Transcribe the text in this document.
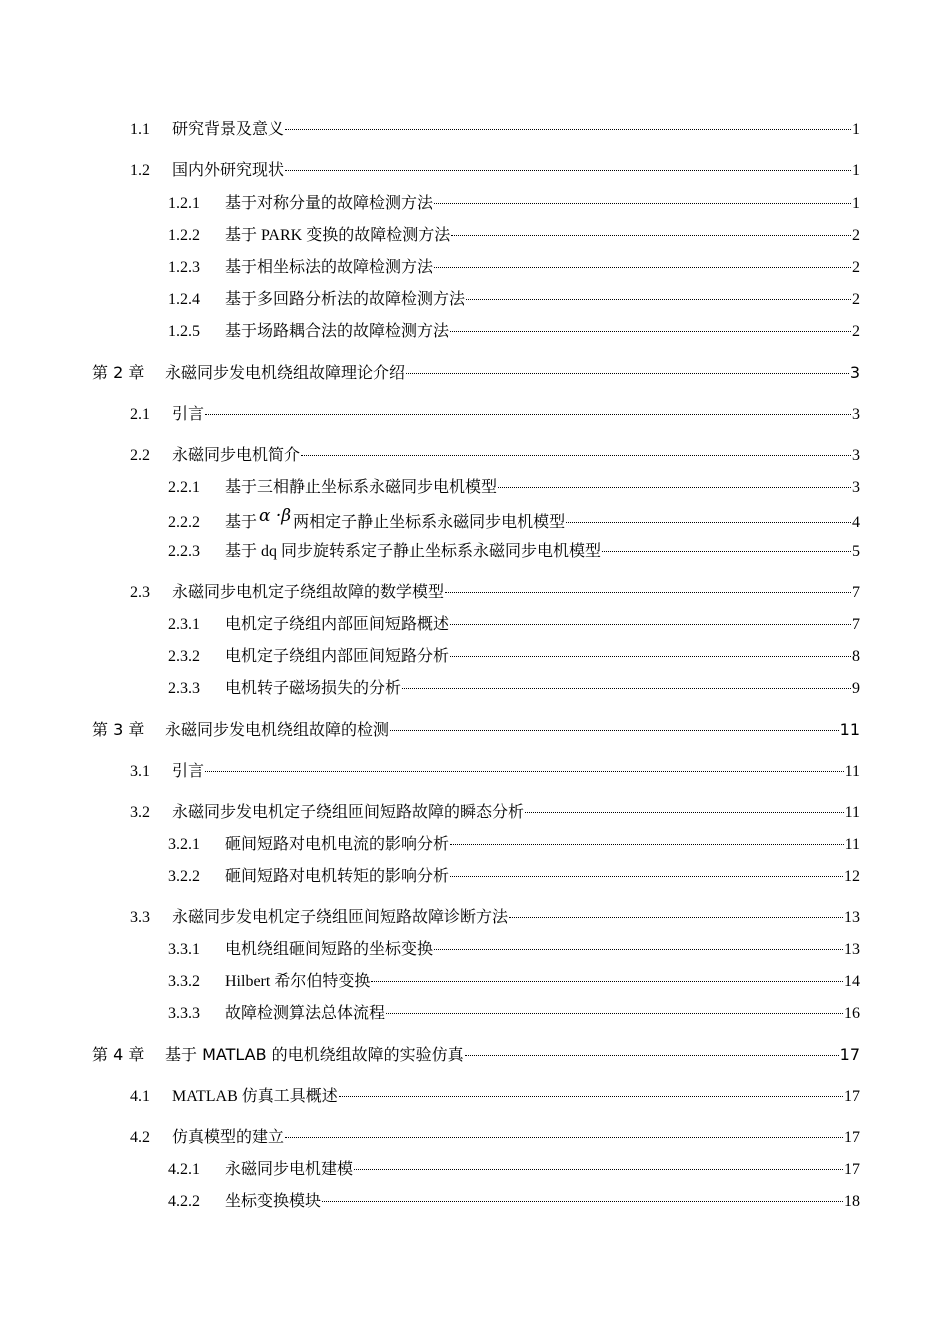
1.1	研究背景及意义	1
1.2	国内外研究现状	1
1.2.1	基于对称分量的故障检测方法	1
1.2.2	基于 PARK 变换的故障检测方法	2
1.2.3	基于相坐标法的故障检测方法	2
1.2.4	基于多回路分析法的故障检测方法	2
1.2.5	基于场路耦合法的故障检测方法	2
第 2 章	永磁同步发电机绕组故障理论介绍	3
2.1	引言	3
2.2	永磁同步电机简介	3
2.2.1	基于三相静止坐标系永磁同步电机模型	3
2.2.2	基于 α ·β 两相定子静止坐标系永磁同步电机模型	4
2.2.3	基于 dq 同步旋转系定子静止坐标系永磁同步电机模型	5
2.3	永磁同步电机定子绕组故障的数学模型	7
2.3.1	电机定子绕组内部匝间短路概述	7
2.3.2	电机定子绕组内部匝间短路分析	8
2.3.3	电机转子磁场损失的分析	9
第 3 章	永磁同步发电机绕组故障的检测	11
3.1	引言	11
3.2	永磁同步发电机定子绕组匝间短路故障的瞬态分析	11
3.2.1	砸间短路对电机电流的影响分析	11
3.2.2	砸间短路对电机转矩的影响分析	12
3.3	永磁同步发电机定子绕组匝间短路故障诊断方法	13
3.3.1	电机绕组砸间短路的坐标变换	13
3.3.2	Hilbert 希尔伯特变换	14
3.3.3	故障检测算法总体流程	16
第 4 章	基于 MATLAB 的电机绕组故障的实验仿真	17
4.1	MATLAB 仿真工具概述	17
4.2	仿真模型的建立	17
4.2.1	永磁同步电机建模	17
4.2.2	坐标变换模块	18
